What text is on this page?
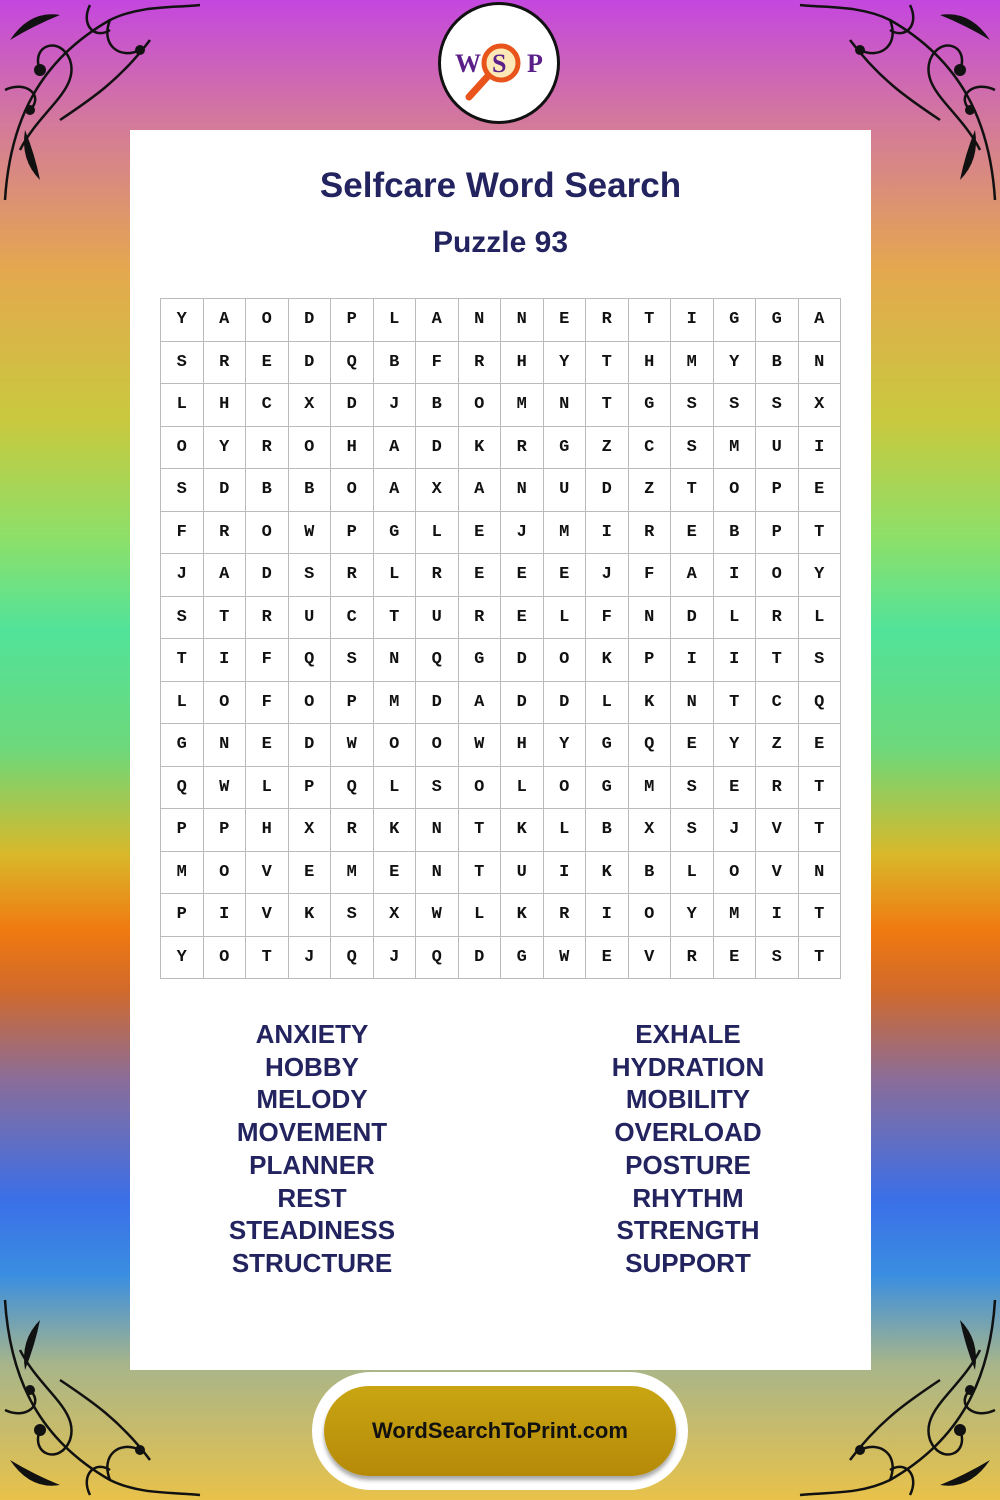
Selfcare Word Search
Puzzle 93
Y	A	O	D	P	L	A	N	N	E	R	T	I	G	G	A
S	R	E	D	Q	B	F	R	H	Y	T	H	M	Y	B	N
L	H	C	X	D	J	B	O	M	N	T	G	S	S	S	X
O	Y	R	O	H	A	D	K	R	G	Z	C	S	M	U	I
S	D	B	B	O	A	X	A	N	U	D	Z	T	O	P	E
F	R	O	W	P	G	L	E	J	M	I	R	E	B	P	T
J	A	D	S	R	L	R	E	E	E	J	F	A	I	O	Y
S	T	R	U	C	T	U	R	E	L	F	N	D	L	R	L
T	I	F	Q	S	N	Q	G	D	O	K	P	I	I	T	S
L	O	F	O	P	M	D	A	D	D	L	K	N	T	C	Q
G	N	E	D	W	O	O	W	H	Y	G	Q	E	Y	Z	E
Q	W	L	P	Q	L	S	O	L	O	G	M	S	E	R	T
P	P	H	X	R	K	N	T	K	L	B	X	S	J	V	T
M	O	V	E	M	E	N	T	U	I	K	B	L	O	V	N
P	I	V	K	S	X	W	L	K	R	I	O	Y	M	I	T
Y	O	T	J	Q	J	Q	D	G	W	E	V	R	E	S	T
ANXIETY
HOBBY
MELODY
MOVEMENT
PLANNER
REST
STEADINESS
STRUCTURE
EXHALE
HYDRATION
MOBILITY
OVERLOAD
POSTURE
RHYTHM
STRENGTH
SUPPORT
W S P
WordSearchToPrint.com
